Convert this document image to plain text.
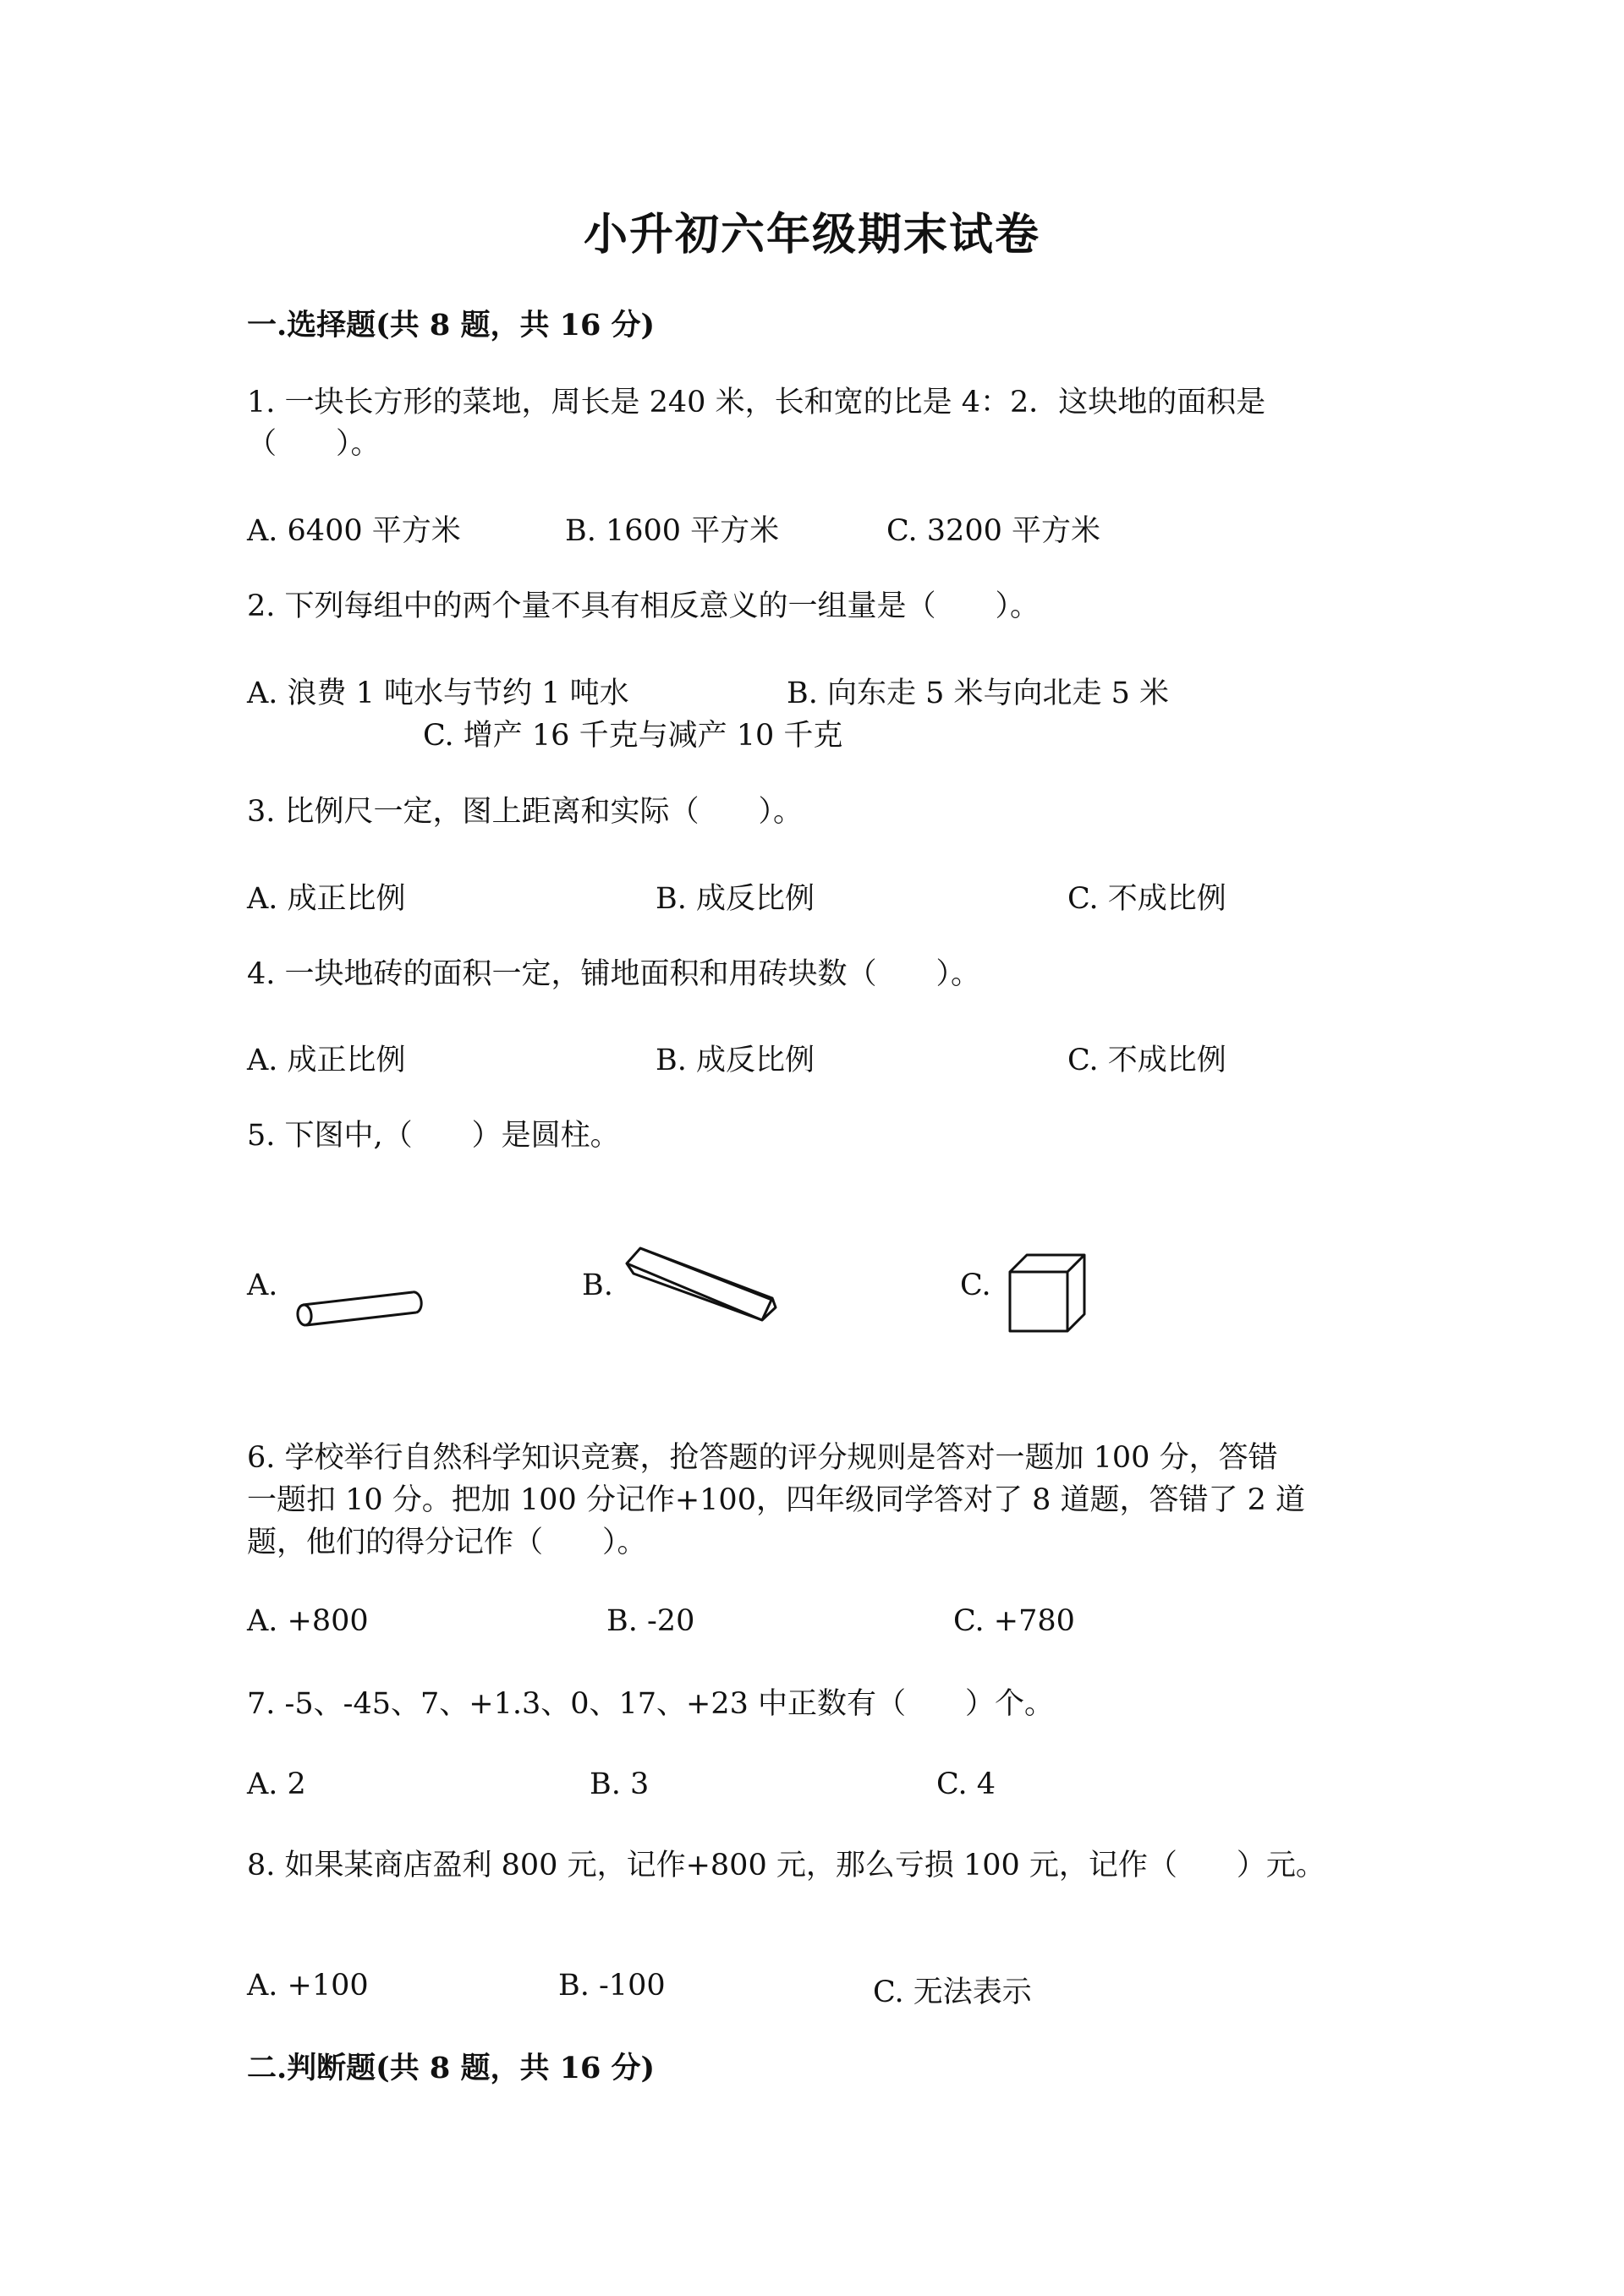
小升初六年级期末试卷
一.选择题(共 8 题，共 16 分)
1. 一块长方形的菜地，周长是 240 米，长和宽的比是 4：2．这块地的面积是
（　　）。
A. 6400 平方米	B. 1600 平方米	C. 3200 平方米
2. 下列每组中的两个量不具有相反意义的一组量是（　　）。
A. 浪费 1 吨水与节约 1 吨水	B. 向东走 5 米与向北走 5 米
C. 增产 16 千克与减产 10 千克
3. 比例尺一定，图上距离和实际（　　）。
A. 成正比例	B. 成反比例	C. 不成比例
4. 一块地砖的面积一定，铺地面积和用砖块数（　　）。
A. 成正比例	B. 成反比例	C. 不成比例
5. 下图中,（　　）是圆柱。
A.	B.	C.
6. 学校举行自然科学知识竞赛，抢答题的评分规则是答对一题加 100 分，答错
一题扣 10 分。把加 100 分记作+100，四年级同学答对了 8 道题，答错了 2 道
题，他们的得分记作（　　）。
A. +800	B. -20	C. +780
7. -5、-45、7、+1.3、0、17、+23 中正数有（　　）个。
A. 2	B. 3	C. 4
8. 如果某商店盈利 800 元，记作+800 元，那么亏损 100 元，记作（　　）元。
A. +100	B. -100	C. 无法表示
二.判断题(共 8 题，共 16 分)
